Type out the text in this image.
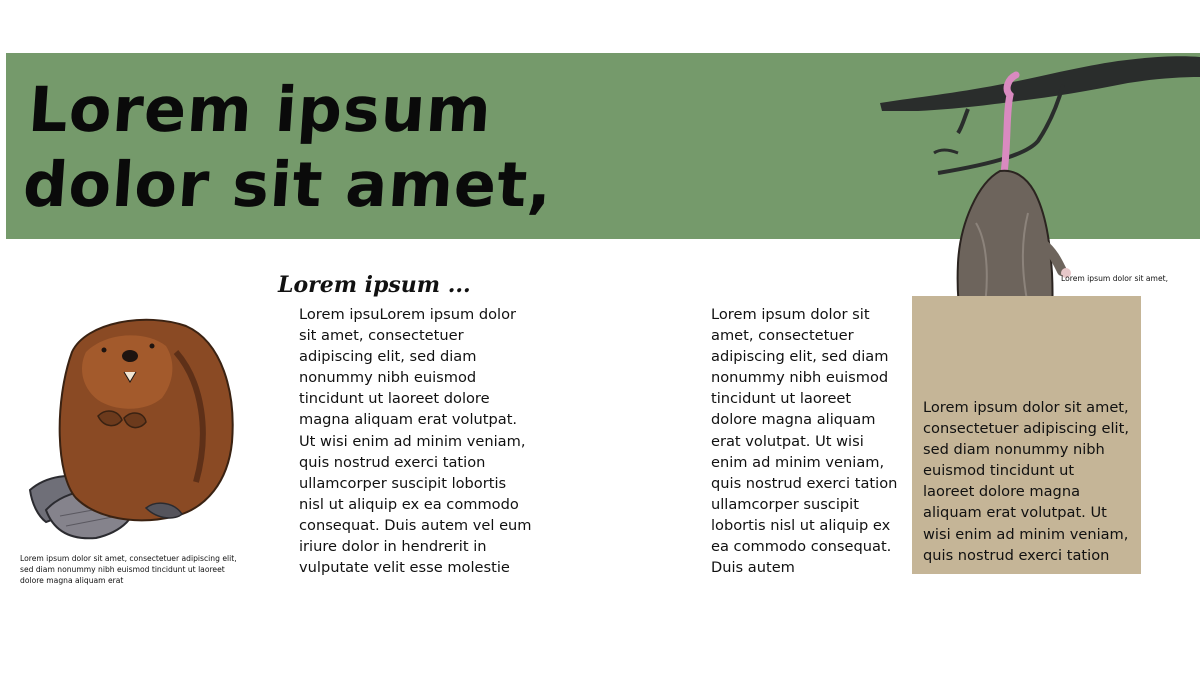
Lorem ipsum
dolor sit amet,
Lorem ipsum ...
Lorem ipsuLorem ipsum dolor
sit amet, consectetuer
adipiscing elit, sed diam
nonummy nibh euismod
tincidunt ut laoreet dolore
magna aliquam erat volutpat.
Ut wisi enim ad minim veniam,
quis nostrud exerci tation
ullamcorper suscipit lobortis
nisl ut aliquip ex ea commodo
consequat. Duis autem vel eum
iriure dolor in hendrerit in
vulputate velit esse molestie
Lorem ipsum dolor sit
amet, consectetuer
adipiscing elit, sed diam
nonummy nibh euismod
tincidunt ut laoreet
dolore magna aliquam
erat volutpat. Ut wisi
enim ad minim veniam,
quis nostrud exerci tation
ullamcorper suscipit
lobortis nisl ut aliquip ex
ea commodo consequat.
Duis autem
Lorem ipsum dolor sit amet,
consectetuer adipiscing elit,
sed diam nonummy nibh
euismod tincidunt ut
laoreet dolore magna
aliquam erat volutpat. Ut
wisi enim ad minim veniam,
quis nostrud exerci tation
Lorem ipsum dolor sit amet, consectetuer adipiscing elit,
sed diam nonummy nibh euismod tincidunt ut laoreet
dolore magna aliquam erat
Lorem ipsum dolor sit amet,
